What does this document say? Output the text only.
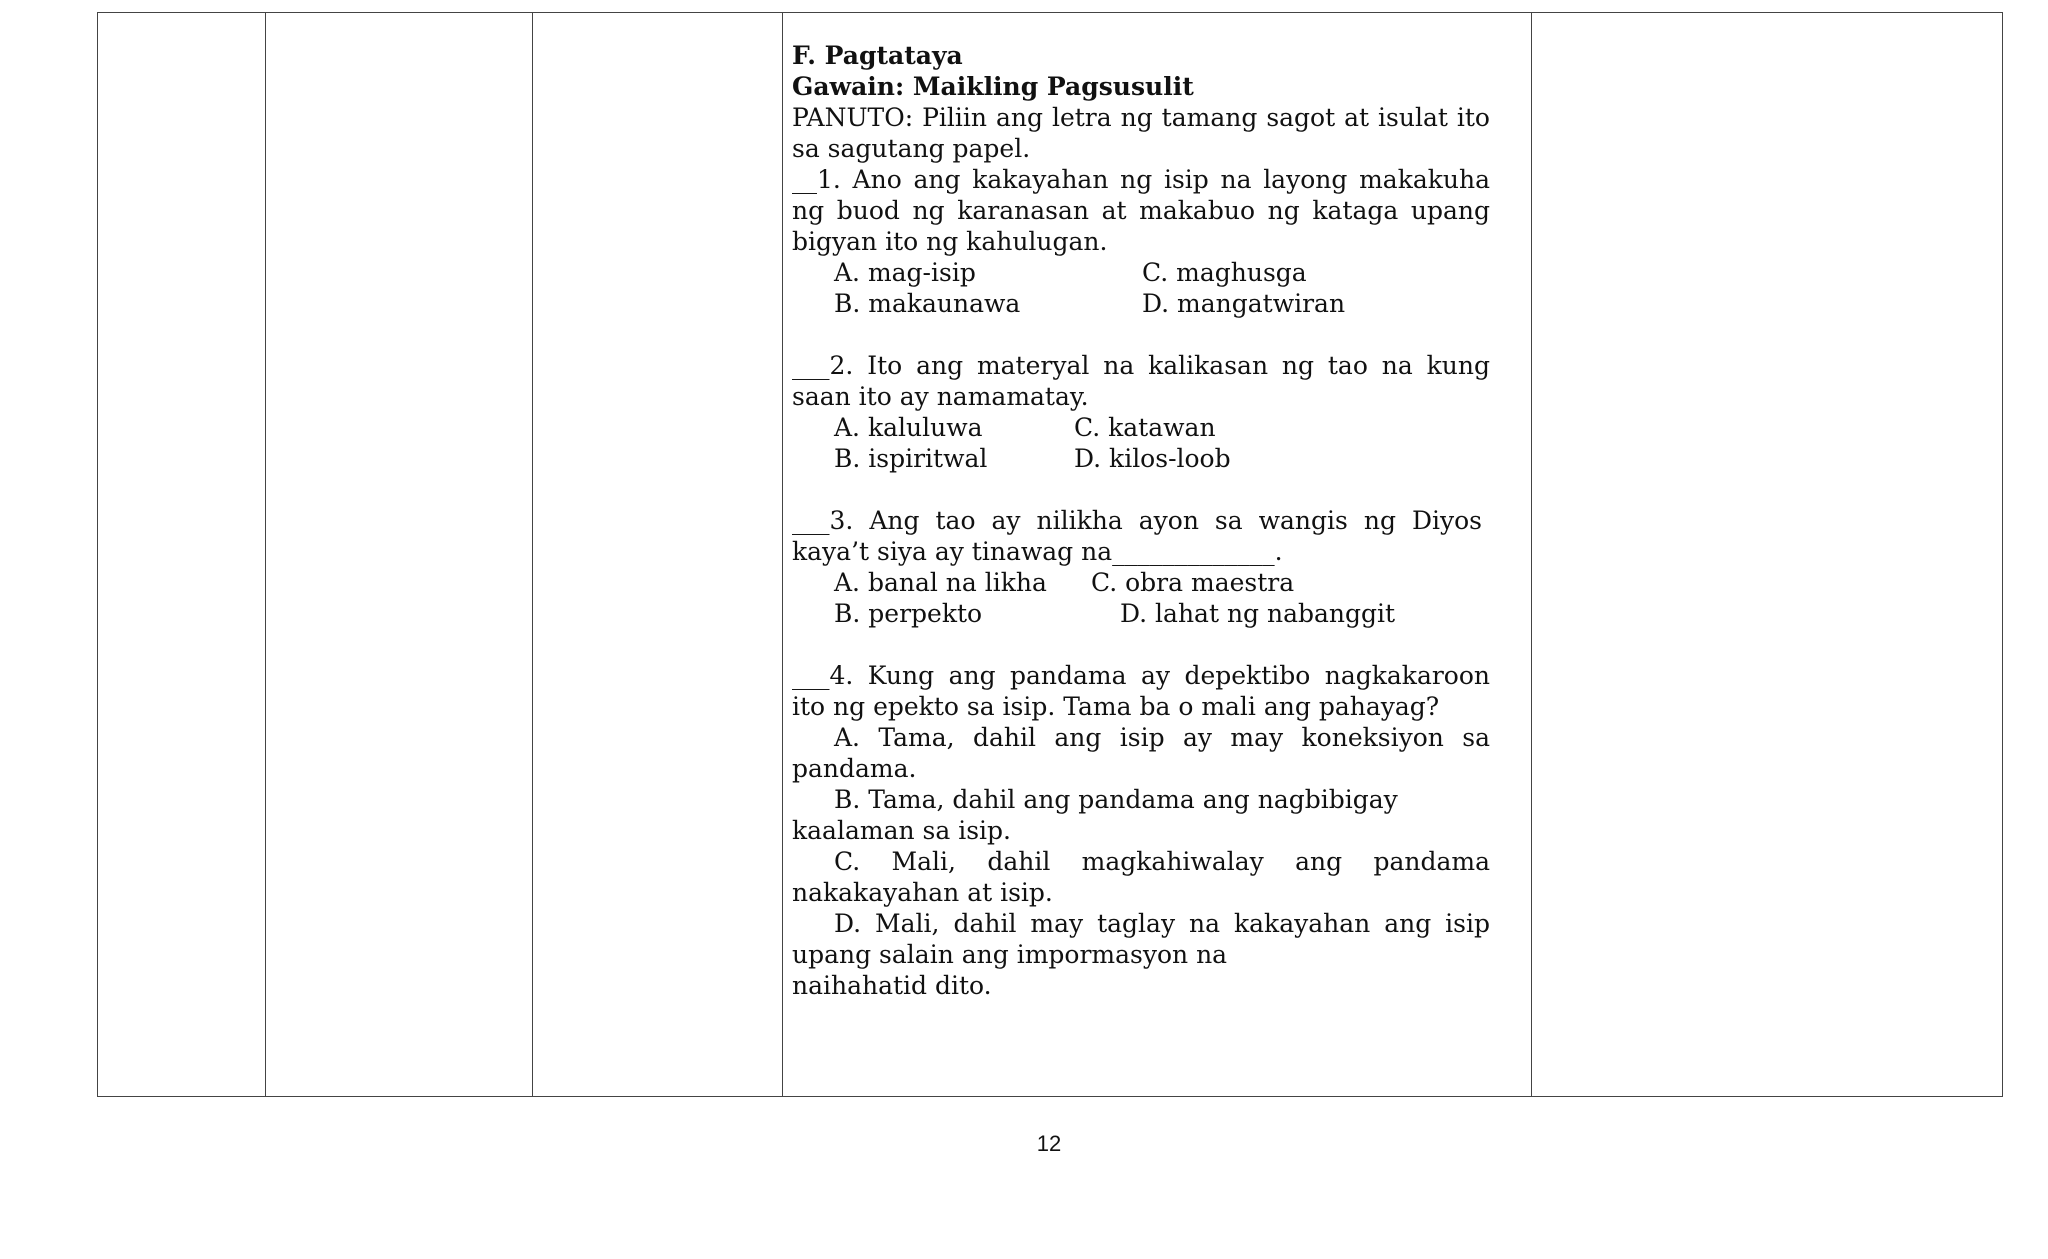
F. Pagtataya

Gawain: Maikling Pagsusulit

PANUTO: Piliin ang letra ng tamang sagot at isulat ito sa sagutang papel.

__1. Ano ang kakayahan ng isip na layong makakuha ng buod ng karanasan at makabuo ng kataga upang bigyan ito ng kahulugan.

A. mag-isip	C. maghusga
B. makaunawa	D. mangatwiran

___2. Ito ang materyal na kalikasan ng tao na kung saan ito ay namamatay.

A. kaluluwa	C. katawan
B. ispiritwal	D. kilos-loob

___3. Ang tao ay nilikha ayon sa wangis ng Diyos

kaya’t siya ay tinawag na_____________.

A. banal na likha	C. obra maestra
B. perpekto	D. lahat ng nabanggit

___4. Kung ang pandama ay depektibo nagkakaroon ito ng epekto sa isip. Tama ba o mali ang pahayag?

A. Tama, dahil ang isip ay may koneksiyon sa

pandama.

B. Tama, dahil ang pandama ang nagbibigay

kaalaman sa isip.

C. Mali, dahil magkahiwalay ang pandama

nakakayahan at isip.

D. Mali, dahil may taglay na kakayahan ang isip

upang salain ang impormasyon na

naihahatid dito.

12
